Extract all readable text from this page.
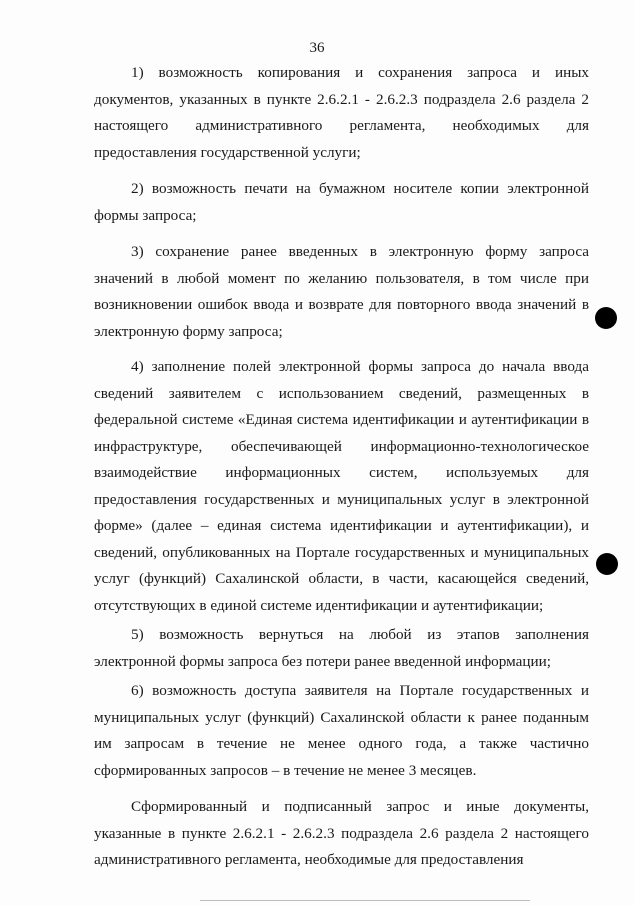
36

1) возможность копирования и сохранения запроса и иных документов, указанных в пункте 2.6.2.1 - 2.6.2.3 подраздела 2.6 раздела 2 настоящего административного регламента, необходимых для предоставления государственной услуги;

2) возможность печати на бумажном носителе копии электронной формы запроса;

3) сохранение ранее введенных в электронную форму запроса значений в любой момент по желанию пользователя, в том числе при возникновении ошибок ввода и возврате для повторного ввода значений в электронную форму запроса;

4) заполнение полей электронной формы запроса до начала ввода сведений заявителем с использованием сведений, размещенных в федеральной системе «Единая система идентификации и аутентификации в инфраструктуре, обеспечивающей информационно-технологическое взаимодействие информационных систем, используемых для предоставления государственных и муниципальных услуг в электронной форме» (далее – единая система идентификации и аутентификации), и сведений, опубликованных на Портале государственных и муниципальных услуг (функций) Сахалинской области, в части, касающейся сведений, отсутствующих в единой системе идентификации и аутентификации;

5) возможность вернуться на любой из этапов заполнения электронной формы запроса без потери ранее введенной информации;

6) возможность доступа заявителя на Портале государственных и муниципальных услуг (функций) Сахалинской области к ранее поданным им запросам в течение не менее одного года, а также частично сформированных запросов – в течение не менее 3 месяцев.

Сформированный и подписанный запрос и иные документы, указанные в пункте 2.6.2.1 - 2.6.2.3 подраздела 2.6 раздела 2 настоящего административного регламента, необходимые для предоставления
